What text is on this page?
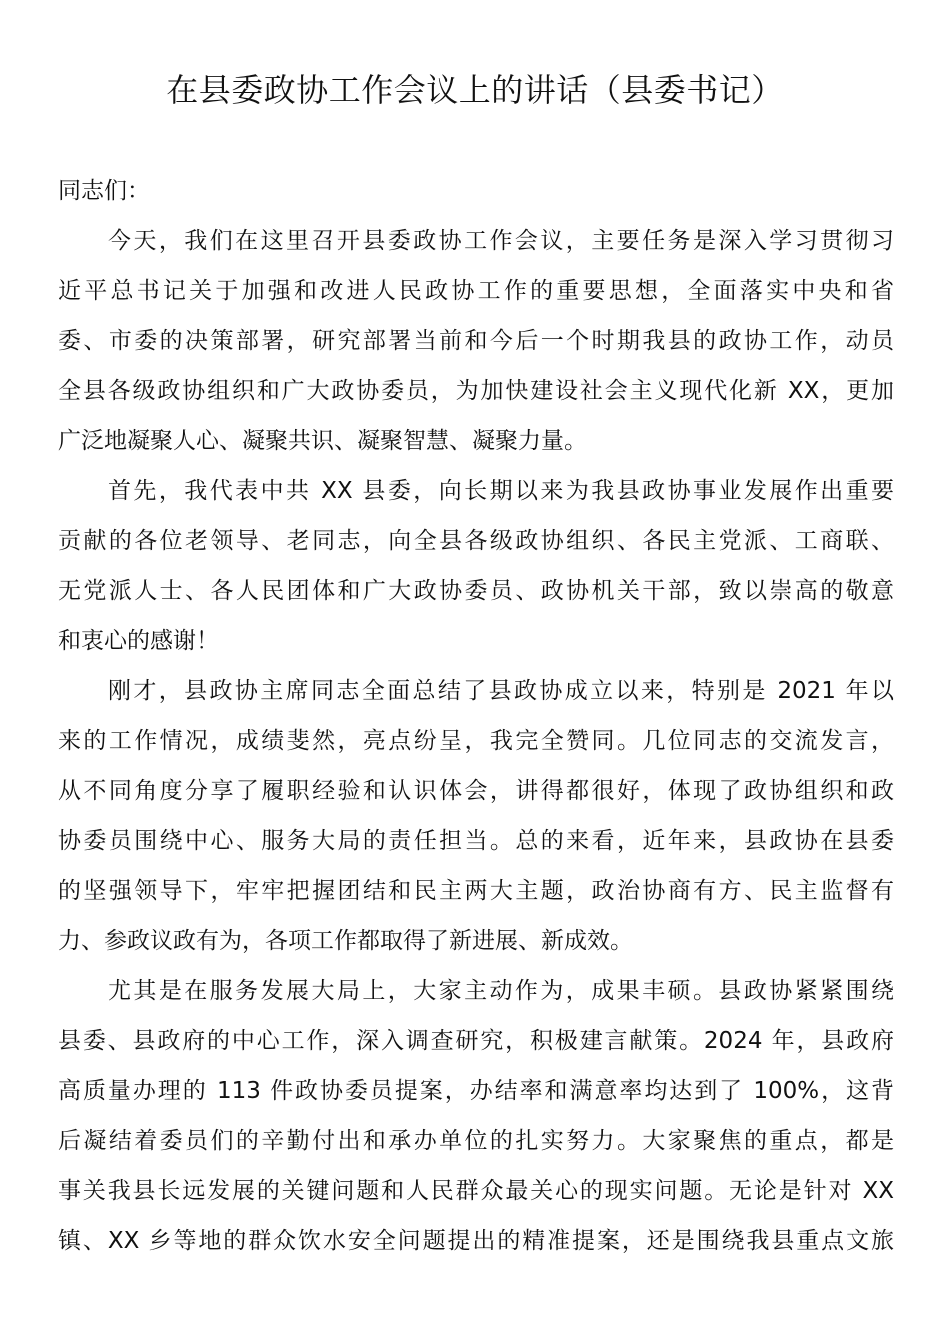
在县委政协工作会议上的讲话（县委书记）

同志们：

今天，我们在这里召开县委政协工作会议，主要任务是深入学习贯彻习
近平总书记关于加强和改进人民政协工作的重要思想，全面落实中央和省
委、市委的决策部署，研究部署当前和今后一个时期我县的政协工作，动员
全县各级政协组织和广大政协委员，为加快建设社会主义现代化新 XX，更加
广泛地凝聚人心、凝聚共识、凝聚智慧、凝聚力量。
首先，我代表中共 XX 县委，向长期以来为我县政协事业发展作出重要
贡献的各位老领导、老同志，向全县各级政协组织、各民主党派、工商联、
无党派人士、各人民团体和广大政协委员、政协机关干部，致以崇高的敬意
和衷心的感谢！
刚才，县政协主席同志全面总结了县政协成立以来，特别是 2021 年以
来的工作情况，成绩斐然，亮点纷呈，我完全赞同。几位同志的交流发言，
从不同角度分享了履职经验和认识体会，讲得都很好，体现了政协组织和政
协委员围绕中心、服务大局的责任担当。总的来看，近年来，县政协在县委
的坚强领导下，牢牢把握团结和民主两大主题，政治协商有方、民主监督有
力、参政议政有为，各项工作都取得了新进展、新成效。
尤其是在服务发展大局上，大家主动作为，成果丰硕。县政协紧紧围绕
县委、县政府的中心工作，深入调查研究，积极建言献策。2024 年，县政府
高质量办理的 113 件政协委员提案，办结率和满意率均达到了 100%，这背
后凝结着委员们的辛勤付出和承办单位的扎实努力。大家聚焦的重点，都是
事关我县长远发展的关键问题和人民群众最关心的现实问题。无论是针对 XX
镇、XX 乡等地的群众饮水安全问题提出的精准提案，还是围绕我县重点文旅
